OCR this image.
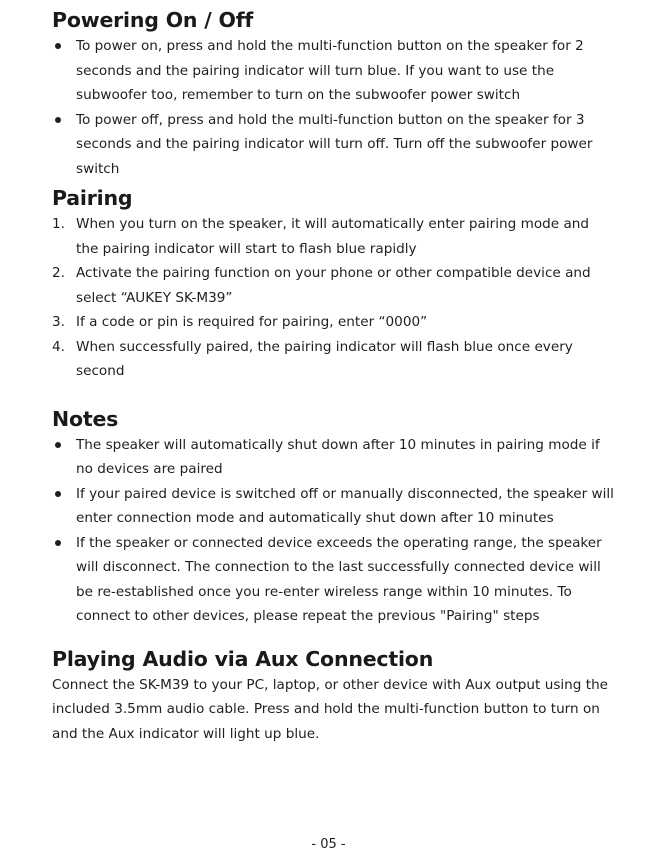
Powering On / Off
To power on, press and hold the multi-function button on the speaker for 2 seconds and the pairing indicator will turn blue. If you want to use the subwoofer too, remember to turn on the subwoofer power switch
To power off, press and hold the multi-function button on the speaker for 3 seconds and the pairing indicator will turn off. Turn off the subwoofer power switch
Pairing
1. When you turn on the speaker, it will automatically enter pairing mode and the pairing indicator will start to flash blue rapidly
2. Activate the pairing function on your phone or other compatible device and select “AUKEY SK-M39”
3. If a code or pin is required for pairing, enter “0000”
4. When successfully paired, the pairing indicator will flash blue once every second
Notes
The speaker will automatically shut down after 10 minutes in pairing mode if no devices are paired
If your paired device is switched off or manually disconnected, the speaker will enter connection mode and automatically shut down after 10 minutes
If the speaker or connected device exceeds the operating range, the speaker will disconnect. The connection to the last successfully connected device will be re-established once you re-enter wireless range within 10 minutes. To connect to other devices, please repeat the previous "Pairing" steps
Playing Audio via Aux Connection

Connect the SK-M39 to your PC, laptop, or other device with Aux output using the included 3.5mm audio cable. Press and hold the multi-function button to turn on and the Aux indicator will light up blue.

- 05 -
